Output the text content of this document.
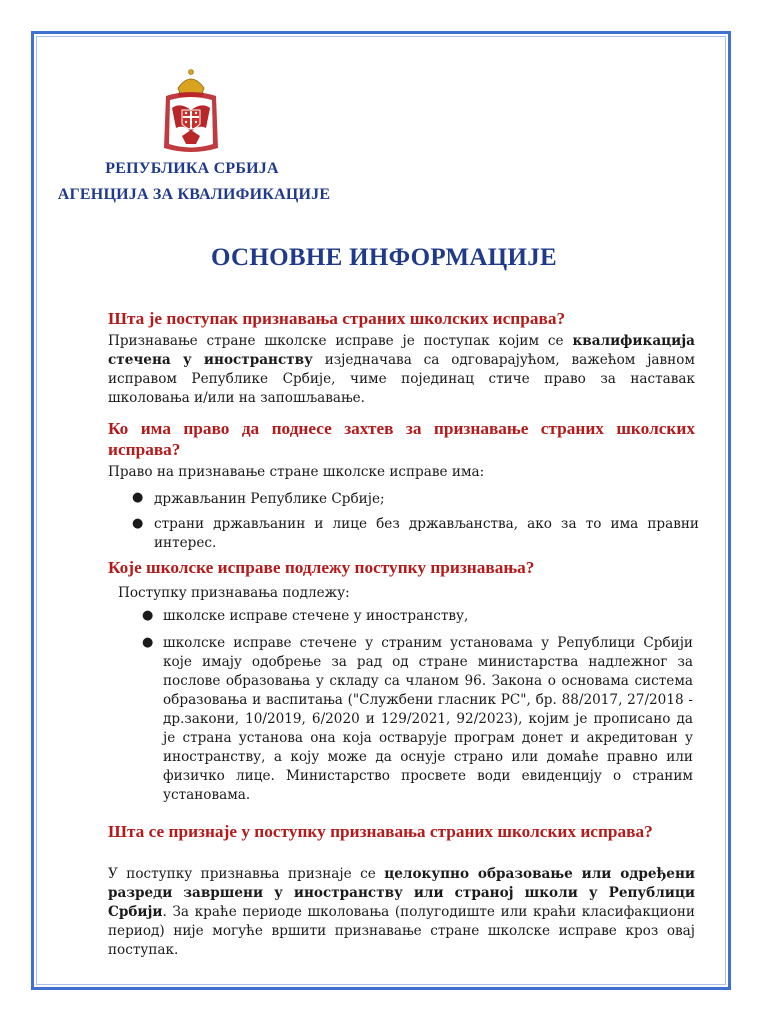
РЕПУБЛИКА СРБИЈА
АГЕНЦИЈА ЗА КВАЛИФИКАЦИЈЕ
ОСНОВНЕ ИНФОРМАЦИЈЕ
Шта је поступак признавања страних школских исправа?
Признавање стране школске исправе је поступак којим се квалификација стечена у иностранству изједначава са одговарајућом, важећом јавном исправом Републике Србије, чиме појединац стиче право за наставак школовања и/или на запошљавање.
Ко има право да поднесе захтев за признавање страних школских исправа?
Право на признавање стране школске исправе има:
● држављанин Републике Србије;
● страни држављанин и лице без држављанства, ако за то има правни интерес.
Које школске исправе подлежу поступку признавања?
Поступку признавања подлежу:
● школске исправе стечене у иностранству,
● школске исправе стечене у страним установама у Републици Србији које имају одобрење за рад од стране министарства надлежног за послове образовања у складу са чланом 96. Закона о основама система образовања и васпитања ("Службени гласник РС", бр. 88/2017, 27/2018 - др.закони, 10/2019, 6/2020 и 129/2021, 92/2023), којим је прописано да је страна установа она која остварује програм донет и акредитован у иностранству, а коју може да оснује страно или домаће правно или физичко лице. Министарство просвете води евиденцију о страним установама.
Шта се признаје у поступку признавања страних школских исправа?
У поступку признавња признаје се целокупно образовање или одређени разреди завршени у иностранству или страној школи у Републици Србији. За краће периоде школовања (полугодиште или краћи класифакциони период) није могуће вршити признавање стране школске исправе кроз овај поступак.
